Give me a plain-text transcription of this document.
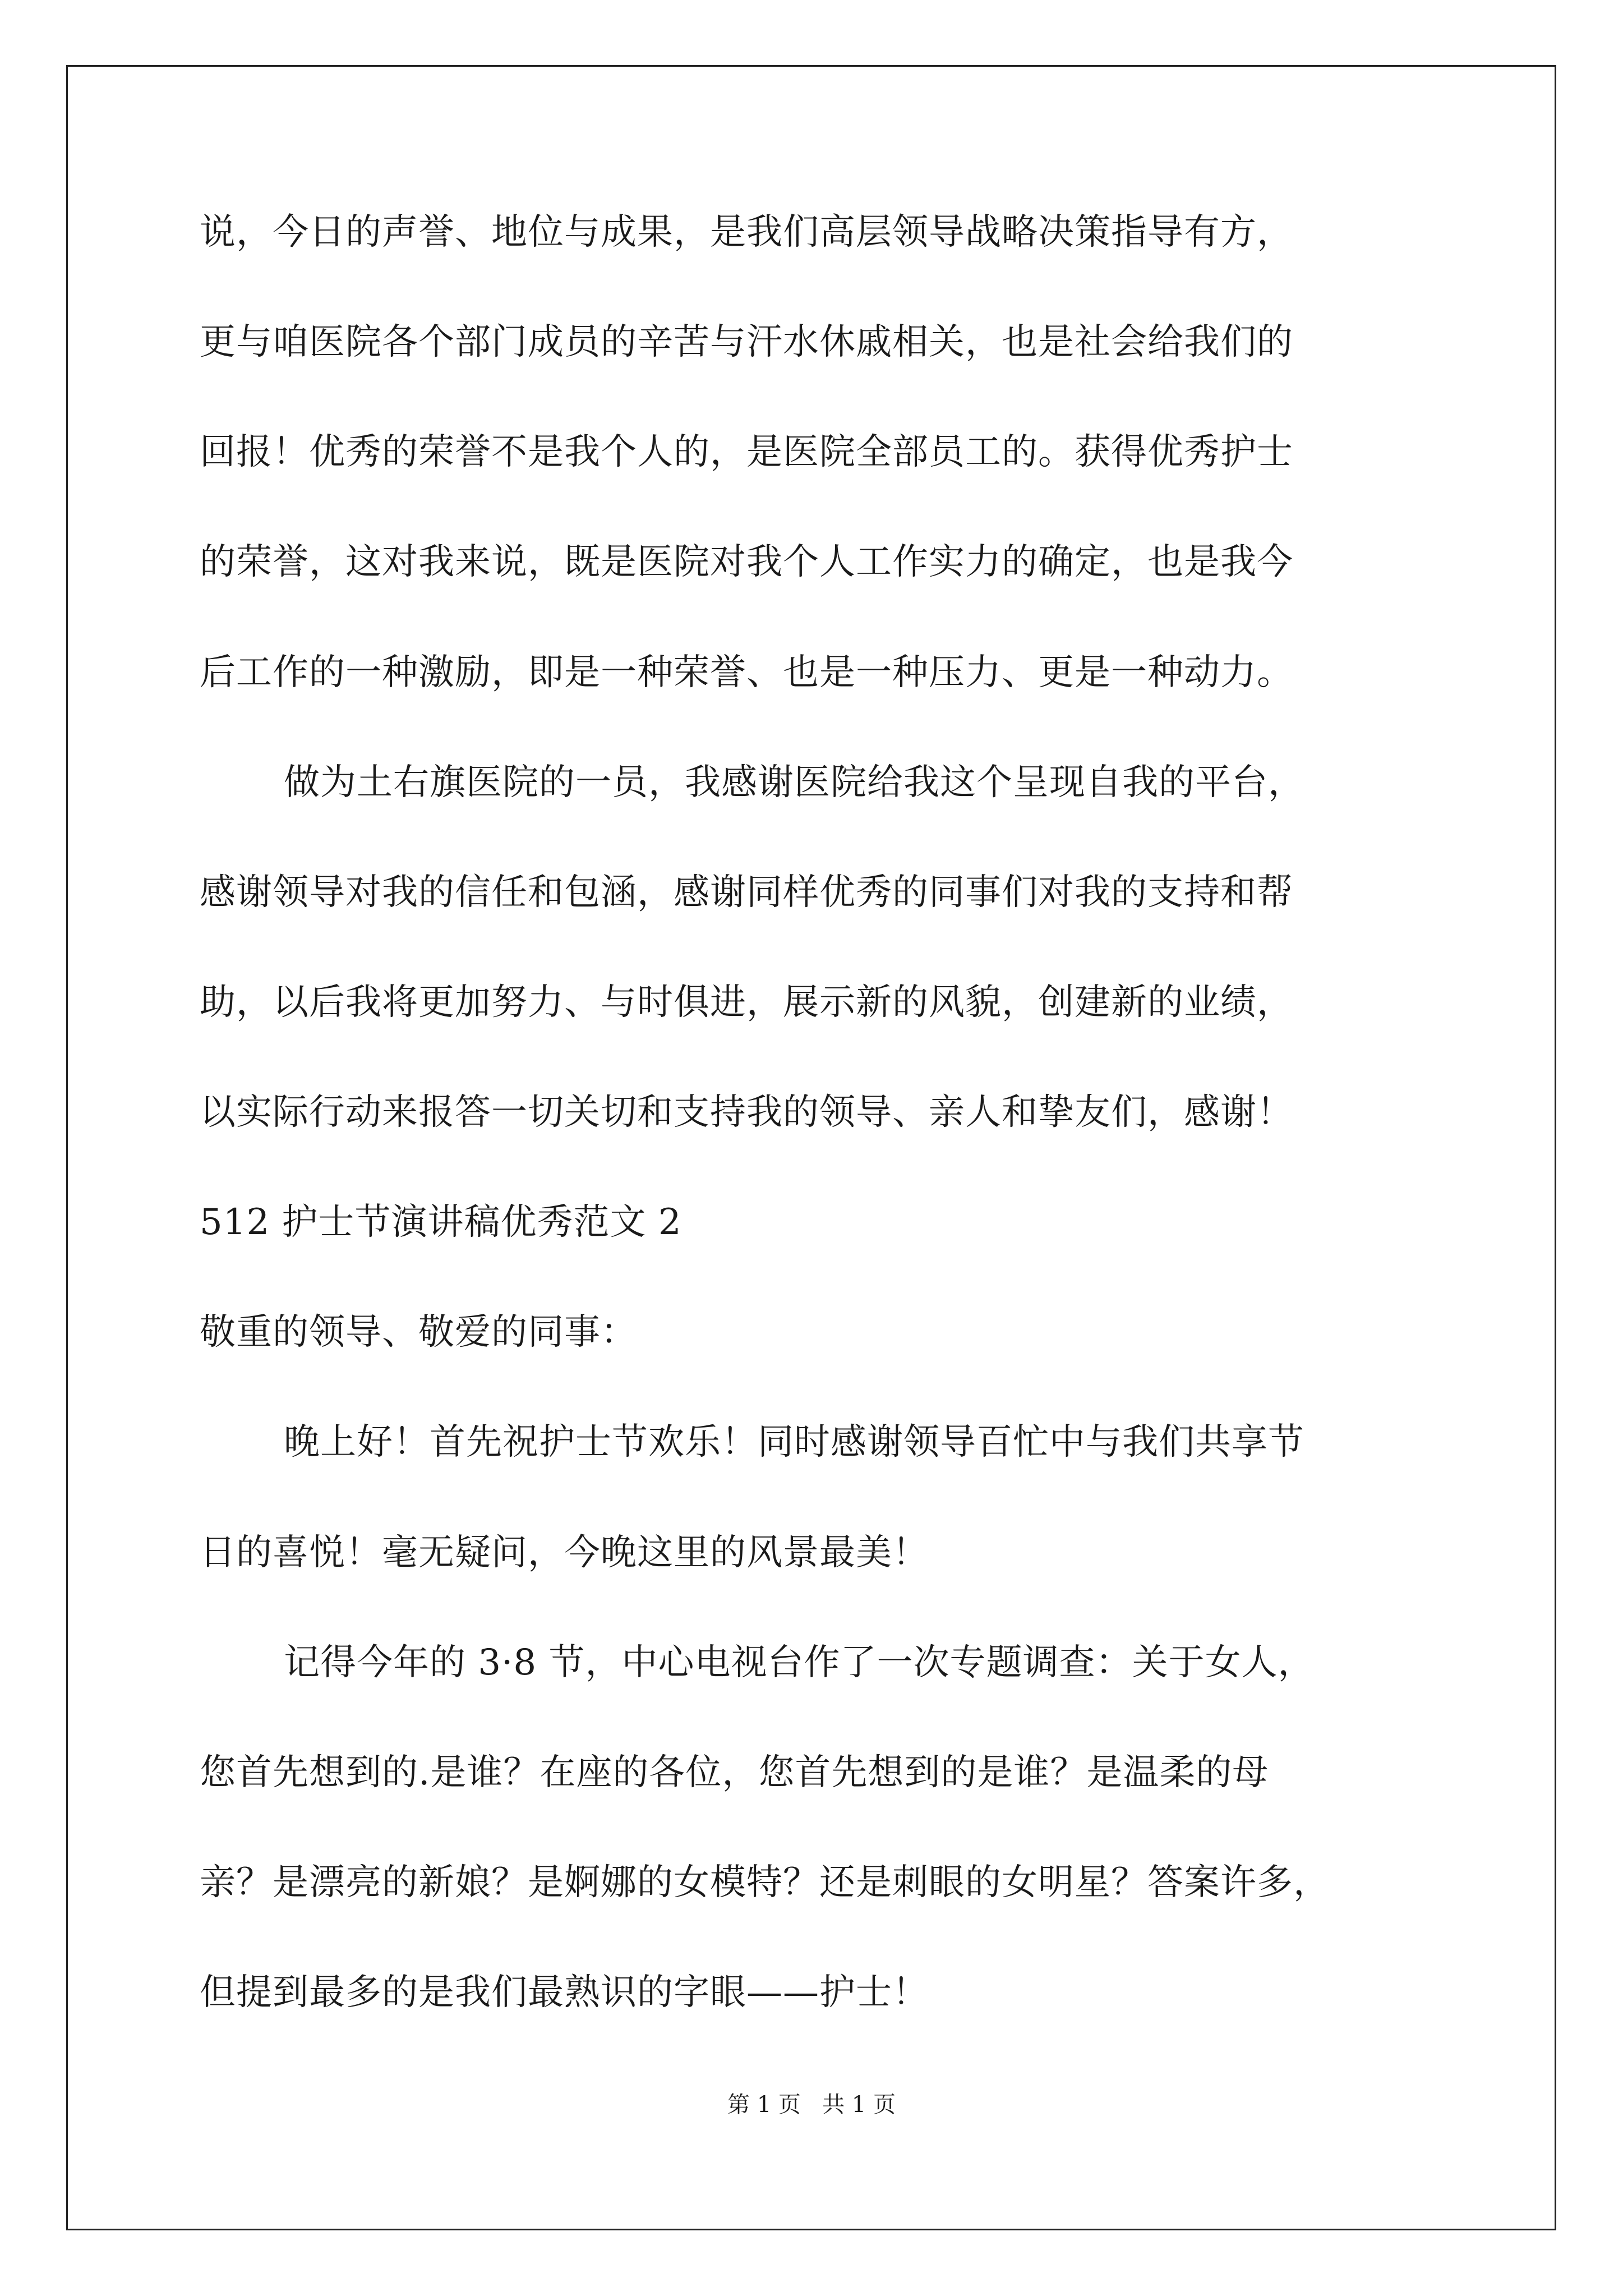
说，今日的声誉、地位与成果，是我们高层领导战略决策指导有方，
更与咱医院各个部门成员的辛苦与汗水休戚相关，也是社会给我们的
回报！优秀的荣誉不是我个人的，是医院全部员工的。获得优秀护士
的荣誉，这对我来说，既是医院对我个人工作实力的确定，也是我今
后工作的一种激励，即是一种荣誉、也是一种压力、更是一种动力。
做为土右旗医院的一员，我感谢医院给我这个呈现自我的平台，
感谢领导对我的信任和包涵，感谢同样优秀的同事们对我的支持和帮
助，以后我将更加努力、与时俱进，展示新的风貌，创建新的业绩，
以实际行动来报答一切关切和支持我的领导、亲人和挚友们，感谢！
512 护士节演讲稿优秀范文 2
敬重的领导、敬爱的同事：
晚上好！首先祝护士节欢乐！同时感谢领导百忙中与我们共享节
日的喜悦！毫无疑问，今晚这里的风景最美！
记得今年的 3·8 节，中心电视台作了一次专题调查：关于女人，
您首先想到的.是谁？在座的各位，您首先想到的是谁？是温柔的母
亲？是漂亮的新娘？是婀娜的女模特？还是刺眼的女明星？答案许多，
第 1 页   共 1 页
但提到最多的是我们最熟识的字眼——护士！
